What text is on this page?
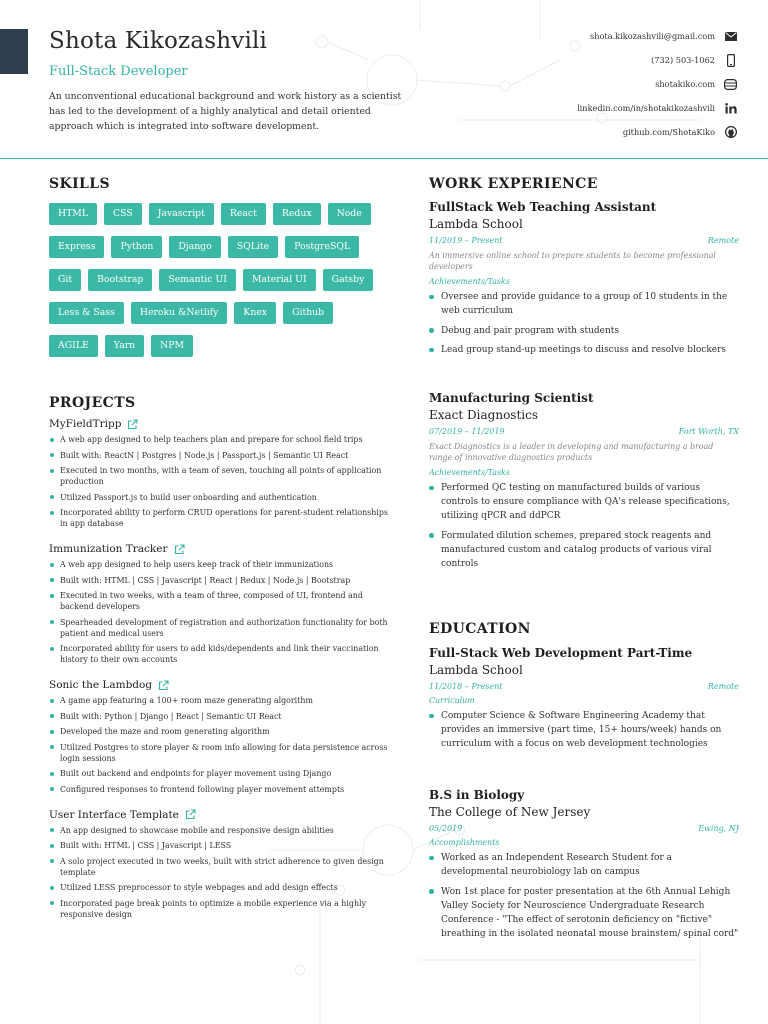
Shota Kikozashvili
Full-Stack Developer
An unconventional educational background and work history as a scientist has led to the development of a highly analytical and detail oriented approach which is integrated into software development.
shota.kikozashvili@gmail.com
(732) 503-1062
shotakiko.com
linkedin.com/in/shotakikozashvili
github.com/ShotaKiko
SKILLS
HTML	CSS	Javascript	React	Redux	Node
Express	Python	Django	SQLite	PostgreSQL
Git	Bootstrap	Semantic UI	Material UI	Gatsby
Less & Sass	Heroku &Netlify	Knex	Github
AGILE	Yarn	NPM
PROJECTS
MyFieldTripp
A web app designed to help teachers plan and prepare for school field trips
Built with: ReactN | Postgres | Node.js | Passport.js | Semantic UI React
Executed in two months, with a team of seven, touching all points of application production
Utilized Passport.js to build user onboarding and authentication
Incorporated ability to perform CRUD operations for parent-student relationships in app database
Immunization Tracker
A web app designed to help users keep track of their immunizations
Built with: HTML | CSS | Javascript | React | Redux | Node.js | Bootstrap
Executed in two weeks, with a team of three, composed of UI, frontend and backend developers
Spearheaded development of registration and authorization functionality for both patient and medical users
Incorporated ability for users to add kids/dependents and link their vaccination history to their own accounts
Sonic the Lambdog
A game app featuring a 100+ room maze generating algorithm
Built with: Python | Django | React | Semantic UI React
Developed the maze and room generating algorithm
Utilized Postgres to store player & room info allowing for data persistence across login sessions
Built out backend and endpoints for player movement using Django
Configured responses to frontend following player movement attempts
User Interface Template
An app designed to showcase mobile and responsive design abilities
Built with: HTML | CSS | Javascript | LESS
A solo project executed in two weeks, built with strict adherence to given design template
Utilized LESS preprocessor to style webpages and add design effects
Incorporated page break points to optimize a mobile experience via a highly responsive design
WORK EXPERIENCE
FullStack Web Teaching Assistant
Lambda School
11/2019 – Present	Remote
An immersive online school to prepare students to become professional developers
Achievements/Tasks
Oversee and provide guidance to a group of 10 students in the web curriculum
Debug and pair program with students
Lead group stand-up meetings to discuss and resolve blockers
Manufacturing Scientist
Exact Diagnostics
07/2019 – 11/2019	Fort Worth, TX
Exact Diagnostics is a leader in developing and manufacturing a broad range of innovative diagnostics products
Achievements/Tasks
Performed QC testing on manufactured builds of various controls to ensure compliance with QA's release specifications, utilizing qPCR and ddPCR
Formulated dilution schemes, prepared stock reagents and manufactured custom and catalog products of various viral controls
EDUCATION
Full-Stack Web Development Part-Time
Lambda School
11/2018 – Present	Remote
Curriculum
Computer Science & Software Engineering Academy that provides an immersive (part time, 15+ hours/week) hands on curriculum with a focus on web development technologies
B.S in Biology
The College of New Jersey
05/2019	Ewing, NJ
Accomplishments
Worked as an Independent Research Student for a developmental neurobiology lab on campus
Won 1st place for poster presentation at the 6th Annual Lehigh Valley Society for Neuroscience Undergraduate Research Conference - "The effect of serotonin deficiency on "fictive" breathing in the isolated neonatal mouse brainstem/ spinal cord"
